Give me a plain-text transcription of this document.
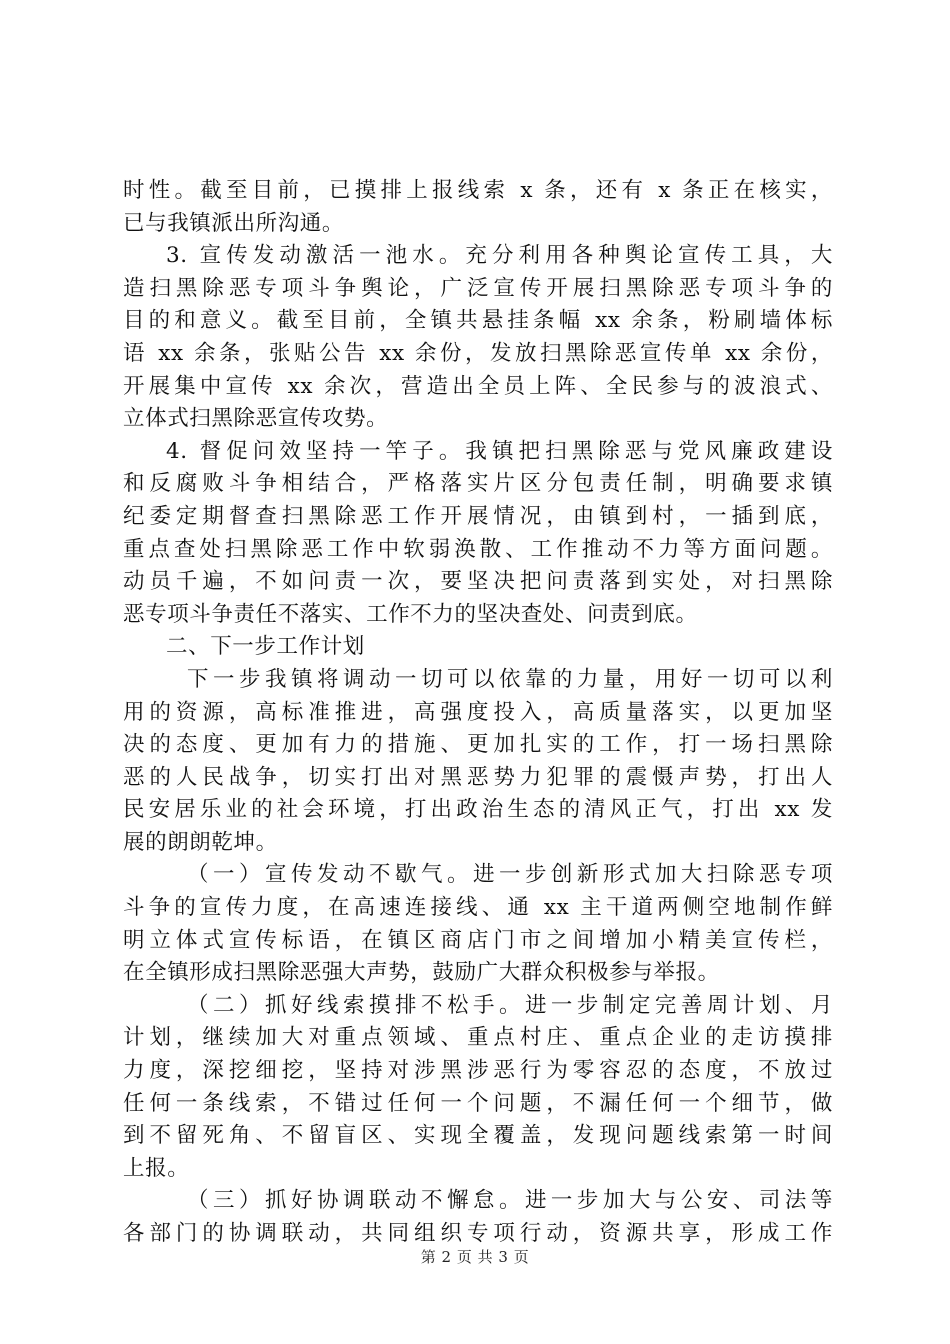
时性。截至目前，已摸排上报线索 x 条，还有 x 条正在核实，
已与我镇派出所沟通。
3. 宣传发动激活一池水。充分利用各种舆论宣传工具，大
造扫黑除恶专项斗争舆论，广泛宣传开展扫黑除恶专项斗争的
目的和意义。截至目前，全镇共悬挂条幅 xx 余条，粉刷墙体标
语 xx 余条，张贴公告 xx 余份，发放扫黑除恶宣传单 xx 余份，
开展集中宣传 xx 余次，营造出全员上阵、全民参与的波浪式、
立体式扫黑除恶宣传攻势。
4. 督促问效坚持一竿子。我镇把扫黑除恶与党风廉政建设
和反腐败斗争相结合，严格落实片区分包责任制，明确要求镇
纪委定期督查扫黑除恶工作开展情况，由镇到村，一插到底，
重点查处扫黑除恶工作中软弱涣散、工作推动不力等方面问题。
动员千遍，不如问责一次，要坚决把问责落到实处，对扫黑除
恶专项斗争责任不落实、工作不力的坚决查处、问责到底。
二、下一步工作计划
下一步我镇将调动一切可以依靠的力量，用好一切可以利
用的资源，高标准推进，高强度投入，高质量落实，以更加坚
决的态度、更加有力的措施、更加扎实的工作，打一场扫黑除
恶的人民战争，切实打出对黑恶势力犯罪的震慑声势，打出人
民安居乐业的社会环境，打出政治生态的清风正气，打出 xx 发
展的朗朗乾坤。
（一）宣传发动不歇气。进一步创新形式加大扫除恶专项
斗争的宣传力度，在高速连接线、通 xx 主干道两侧空地制作鲜
明立体式宣传标语，在镇区商店门市之间增加小精美宣传栏，
在全镇形成扫黑除恶强大声势，鼓励广大群众积极参与举报。
（二）抓好线索摸排不松手。进一步制定完善周计划、月
计划，继续加大对重点领域、重点村庄、重点企业的走访摸排
力度，深挖细挖，坚持对涉黑涉恶行为零容忍的态度，不放过
任何一条线索，不错过任何一个问题，不漏任何一个细节，做
到不留死角、不留盲区、实现全覆盖，发现问题线索第一时间
上报。
（三）抓好协调联动不懈怠。进一步加大与公安、司法等
各部门的协调联动，共同组织专项行动，资源共享，形成工作
第 2 页 共 3 页
